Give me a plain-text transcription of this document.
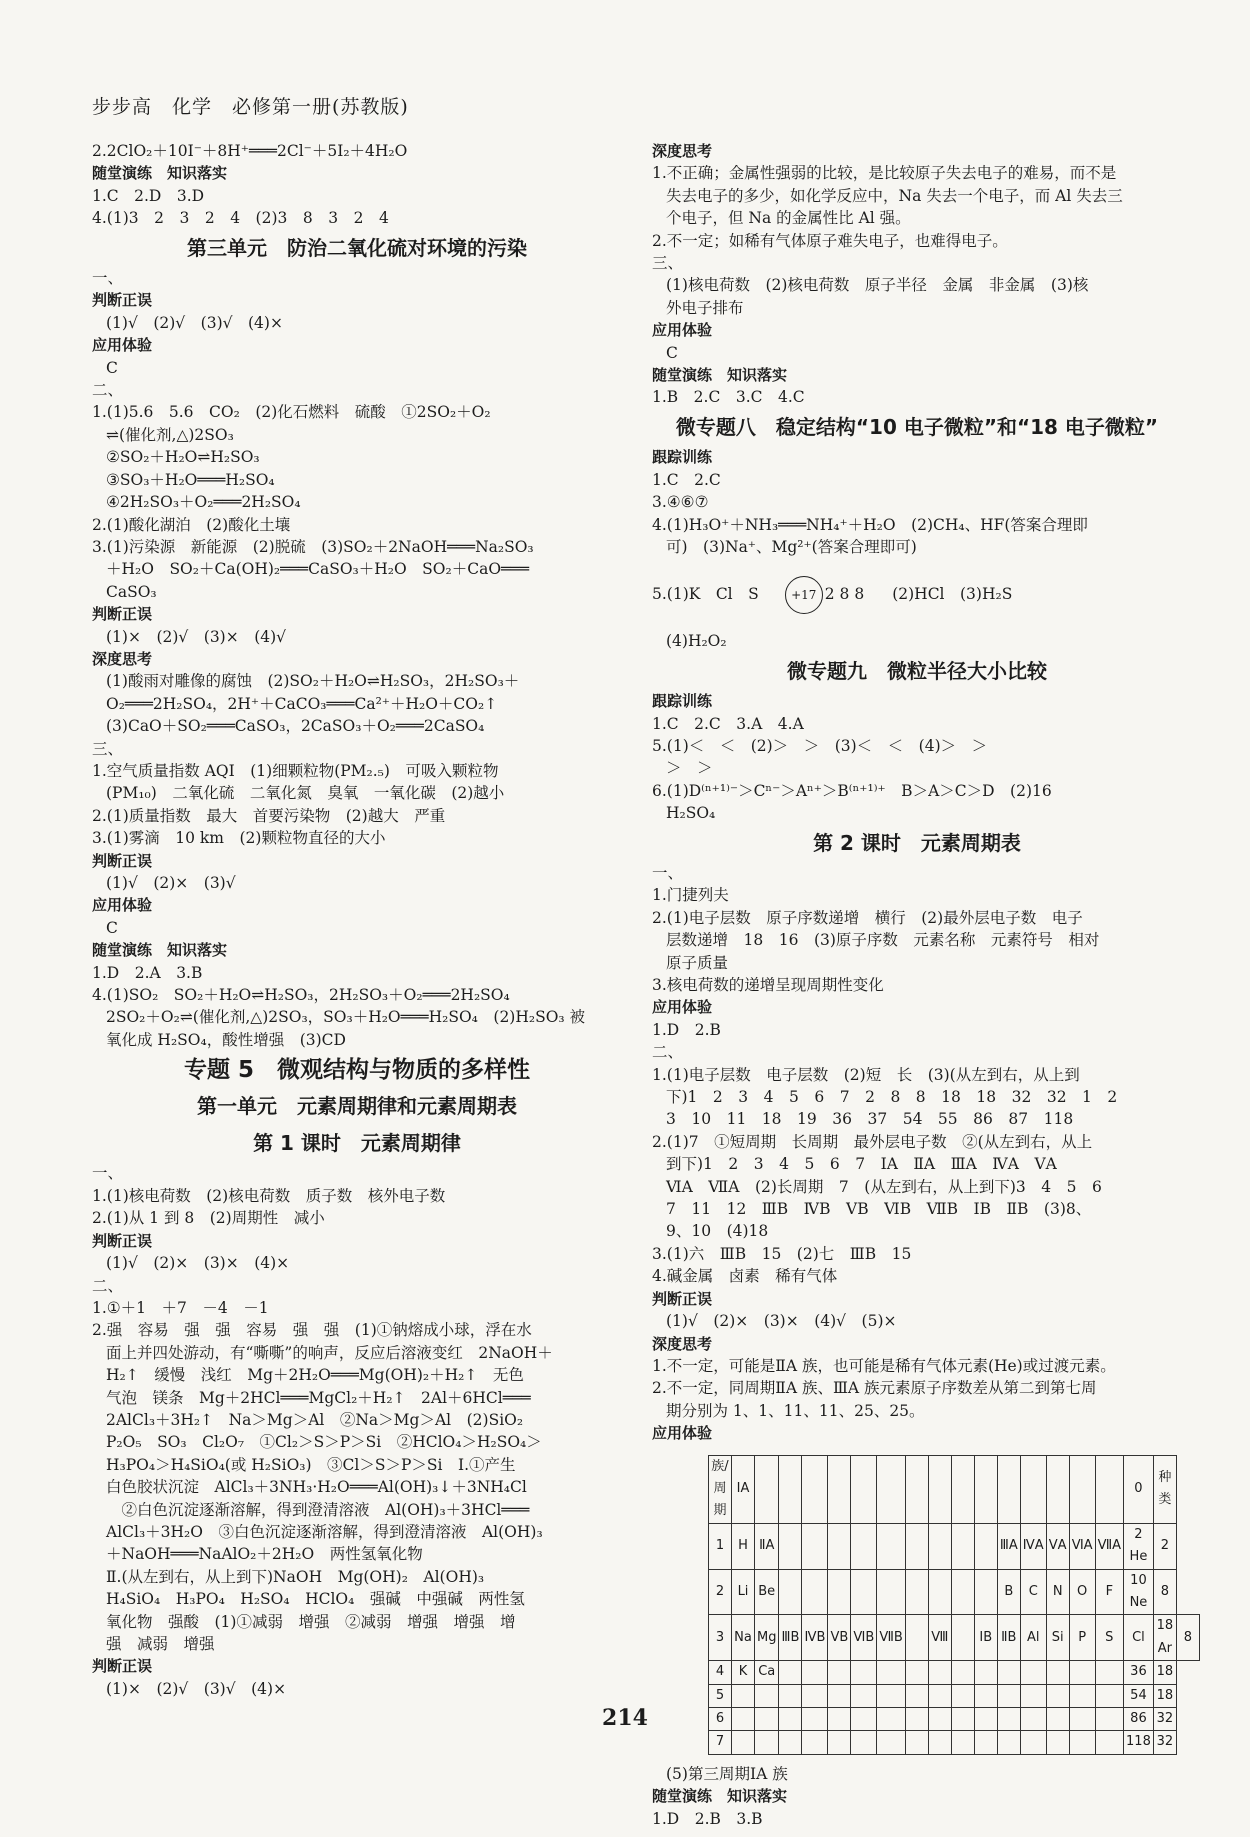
步步高　化学　必修第一册(苏教版)
2.2ClO₂＋10I⁻＋8H⁺═══2Cl⁻＋5I₂＋4H₂O
随堂演练　知识落实
1.C　2.D　3.D
4.(1)3　2　3　2　4　(2)3　8　3　2　4
第三单元　防治二氧化硫对环境的污染
一、
判断正误
(1)√　(2)√　(3)√　(4)×
应用体验
C
二、
1.(1)5.6　5.6　CO₂　(2)化石燃料　硫酸　①2SO₂＋O₂
⇌(催化剂,△)2SO₃
②SO₂＋H₂O⇌H₂SO₃
③SO₃＋H₂O═══H₂SO₄
④2H₂SO₃＋O₂═══2H₂SO₄
2.(1)酸化湖泊　(2)酸化土壤
3.(1)污染源　新能源　(2)脱硫　(3)SO₂＋2NaOH═══Na₂SO₃
＋H₂O　SO₂＋Ca(OH)₂═══CaSO₃＋H₂O　SO₂＋CaO═══
CaSO₃
判断正误
(1)×　(2)√　(3)×　(4)√
深度思考
(1)酸雨对雕像的腐蚀　(2)SO₂＋H₂O⇌H₂SO₃，2H₂SO₃＋
O₂═══2H₂SO₄，2H⁺＋CaCO₃═══Ca²⁺＋H₂O＋CO₂↑
(3)CaO＋SO₂═══CaSO₃，2CaSO₃＋O₂═══2CaSO₄
三、
1.空气质量指数 AQI　(1)细颗粒物(PM₂.₅)　可吸入颗粒物
(PM₁₀)　二氧化硫　二氧化氮　臭氧　一氧化碳　(2)越小
2.(1)质量指数　最大　首要污染物　(2)越大　严重
3.(1)雾滴　10 km　(2)颗粒物直径的大小
判断正误
(1)√　(2)×　(3)√
应用体验
C
随堂演练　知识落实
1.D　2.A　3.B
4.(1)SO₂　SO₂＋H₂O⇌H₂SO₃，2H₂SO₃＋O₂═══2H₂SO₄
2SO₂＋O₂⇌(催化剂,△)2SO₃，SO₃＋H₂O═══H₂SO₄　(2)H₂SO₃ 被
氧化成 H₂SO₄，酸性增强　(3)CD
专题 5　微观结构与物质的多样性
第一单元　元素周期律和元素周期表
第 1 课时　元素周期律
一、
1.(1)核电荷数　(2)核电荷数　质子数　核外电子数
2.(1)从 1 到 8　(2)周期性　减小
判断正误
(1)√　(2)×　(3)×　(4)×
二、
1.①＋1　＋7　－4　－1
2.强　容易　强　强　容易　强　强　(1)①钠熔成小球，浮在水
面上并四处游动，有“嘶嘶”的响声，反应后溶液变红　2NaOH＋
H₂↑　缓慢　浅红　Mg＋2H₂O═══Mg(OH)₂＋H₂↑　无色
气泡　镁条　Mg＋2HCl═══MgCl₂＋H₂↑　2Al＋6HCl═══
2AlCl₃＋3H₂↑　Na＞Mg＞Al　②Na＞Mg＞Al　(2)SiO₂
P₂O₅　SO₃　Cl₂O₇　①Cl₂＞S＞P＞Si　②HClO₄＞H₂SO₄＞
H₃PO₄＞H₄SiO₄(或 H₂SiO₃)　③Cl＞S＞P＞Si　Ⅰ.①产生
白色胶状沉淀　AlCl₃＋3NH₃·H₂O═══Al(OH)₃↓＋3NH₄Cl
　②白色沉淀逐渐溶解，得到澄清溶液　Al(OH)₃＋3HCl═══
AlCl₃＋3H₂O　③白色沉淀逐渐溶解，得到澄清溶液　Al(OH)₃
＋NaOH═══NaAlO₂＋2H₂O　两性氢氧化物
Ⅱ.(从左到右，从上到下)NaOH　Mg(OH)₂　Al(OH)₃
H₄SiO₄　H₃PO₄　H₂SO₄　HClO₄　强碱　中强碱　两性氢
氧化物　强酸　(1)①减弱　增强　②减弱　增强　增强　增
强　减弱　增强
判断正误
(1)×　(2)√　(3)√　(4)×
深度思考
1.不正确；金属性强弱的比较，是比较原子失去电子的难易，而不是
失去电子的多少，如化学反应中，Na 失去一个电子，而 Al 失去三
个电子，但 Na 的金属性比 Al 强。
2.不一定；如稀有气体原子难失电子，也难得电子。
三、
(1)核电荷数　(2)核电荷数　原子半径　金属　非金属　(3)核
外电子排布
应用体验
C
随堂演练　知识落实
1.B　2.C　3.C　4.C
微专题八　稳定结构“10 电子微粒”和“18 电子微粒”
跟踪训练
1.C　2.C
3.④⑥⑦
4.(1)H₃O⁺＋NH₃═══NH₄⁺＋H₂O　(2)CH₄、HF(答案合理即
可)　(3)Na⁺、Mg²⁺(答案合理即可)
5.(1)K　Cl　S	+17 2 8 8 (2)HCl　(3)H₂S
(4)H₂O₂
微专题九　微粒半径大小比较
跟踪训练
1.C　2.C　3.A　4.A
5.(1)＜　＜　(2)＞　＞　(3)＜　＜　(4)＞　＞
＞　＞
6.(1)D⁽ⁿ⁺¹⁾⁻＞Cⁿ⁻＞Aⁿ⁺＞B⁽ⁿ⁺¹⁾⁺　B＞A＞C＞D　(2)16
H₂SO₄
第 2 课时　元素周期表
一、
1.门捷列夫
2.(1)电子层数　原子序数递增　横行　(2)最外层电子数　电子
层数递增　18　16　(3)原子序数　元素名称　元素符号　相对
原子质量
3.核电荷数的递增呈现周期性变化
应用体验
1.D　2.B
二、
1.(1)电子层数　电子层数　(2)短　长　(3)(从左到右，从上到
下)1　2　3　4　5　6　7　2　8　8　18　18　32　32　1　2
3　10　11　18　19　36　37　54　55　86　87　118
2.(1)7　①短周期　长周期　最外层电子数　②(从左到右，从上
到下)1　2　3　4　5　6　7　ⅠA　ⅡA　ⅢA　ⅣA　ⅤA
ⅥA　ⅦA　(2)长周期　7　(从左到右，从上到下)3　4　5　6
7　11　12　ⅢB　ⅣB　ⅤB　ⅥB　ⅦB　ⅠB　ⅡB　(3)8、
9、10　(4)18
3.(1)六　ⅢB　15　(2)七　ⅢB　15
4.碱金属　卤素　稀有气体
判断正误
(1)√　(2)×　(3)×　(4)√　(5)×
深度思考
1.不一定，可能是ⅡA 族，也可能是稀有气体元素(He)或过渡元素。
2.不一定，同周期ⅡA 族、ⅢA 族元素原子序数差从第二到第七周
期分别为 1、1、11、11、25、25。
应用体验
族/周期	ⅠA																0	种类	
1	H	ⅡA										ⅢA	ⅣA	ⅤA	ⅥA	ⅦA	2 He	2	
2	Li	Be										B	C	N	O	F	10 Ne	8	
3	Na	Mg	ⅢB	ⅣB	ⅤB	ⅥB	ⅦB		Ⅷ		ⅠB	ⅡB	Al	Si	P	S	Cl	18 Ar	8
4	K	Ca															36	18	
5																	54	18	
6																	86	32	
7																	118	32	
(5)第三周期ⅠA 族
随堂演练　知识落实
1.D　2.B　3.B
214
